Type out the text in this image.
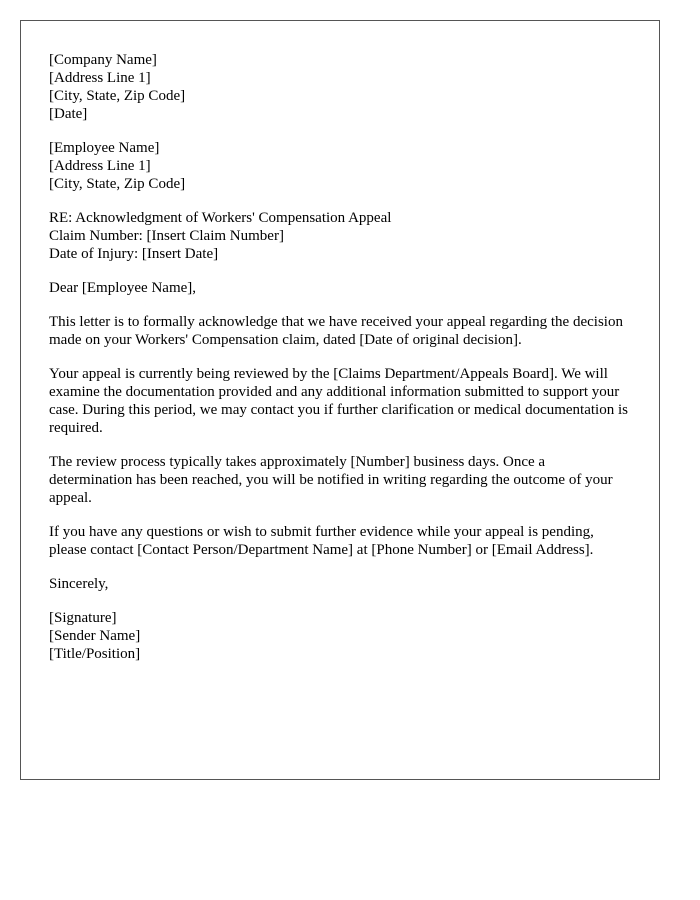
[Company Name]
[Address Line 1]
[City, State, Zip Code]
[Date]
[Employee Name]
[Address Line 1]
[City, State, Zip Code]
RE: Acknowledgment of Workers' Compensation Appeal
Claim Number: [Insert Claim Number]
Date of Injury: [Insert Date]

Dear [Employee Name],

This letter is to formally acknowledge that we have received your appeal regarding the decision made on your Workers' Compensation claim, dated [Date of original decision].

Your appeal is currently being reviewed by the [Claims Department/Appeals Board]. We will examine the documentation provided and any additional information submitted to support your case. During this period, we may contact you if further clarification or medical documentation is required.

The review process typically takes approximately [Number] business days. Once a determination has been reached, you will be notified in writing regarding the outcome of your appeal.

If you have any questions or wish to submit further evidence while your appeal is pending, please contact [Contact Person/Department Name] at [Phone Number] or [Email Address].

Sincerely,

[Signature]
[Sender Name]
[Title/Position]
